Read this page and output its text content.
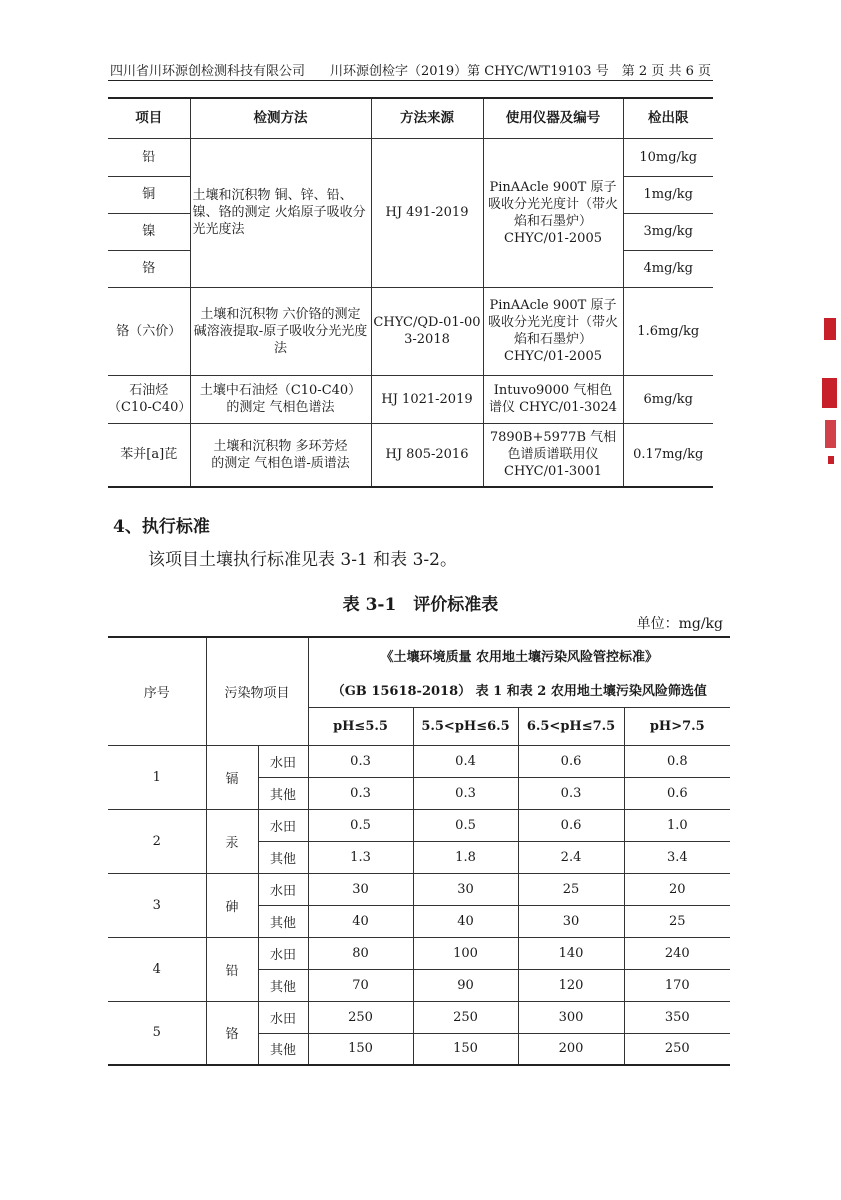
四川省川环源创检测科技有限公司 川环源创检字（2019）第 CHYC/WT19103 号 第 2 页 共 6 页
项目	检测方法	方法来源	使用仪器及编号	检出限
铅	土壤和沉积物 铜、锌、铅、镍、铬的测定 火焰原子吸收分光光度法	HJ 491-2019	PinAAcle 900T 原子吸收分光光度计（带火焰和石墨炉）CHYC/01-2005	10mg/kg
铜				1mg/kg
镍				3mg/kg
铬				4mg/kg
铬（六价）	土壤和沉积物 六价铬的测定 碱溶液提取-原子吸收分光光度法	CHYC/QD-01-003-2018	PinAAcle 900T 原子吸收分光光度计（带火焰和石墨炉）CHYC/01-2005	1.6mg/kg
石油烃（C10-C40）	土壤中石油烃（C10-C40）的测定 气相色谱法	HJ 1021-2019	Intuvo9000 气相色谱仪 CHYC/01-3024	6mg/kg
苯并[a]芘	土壤和沉积物 多环芳烃的测定 气相色谱-质谱法	HJ 805-2016	7890B+5977B 气相色谱质谱联用仪 CHYC/01-3001	0.17mg/kg
4、执行标准
该项目土壤执行标准见表 3-1 和表 3-2。
表 3-1　评价标准表
单位：mg/kg
序号	污染物项目		《土壤环境质量 农用地土壤污染风险管控标准》			
			（GB 15618-2018） 表 1 和表 2 农用地土壤污染风险筛选值			
			pH≤5.5	5.5<pH≤6.5	6.5<pH≤7.5	pH>7.5
1	镉	水田	0.3	0.4	0.6	0.8
		其他	0.3	0.3	0.3	0.6
2	汞	水田	0.5	0.5	0.6	1.0
		其他	1.3	1.8	2.4	3.4
3	砷	水田	30	30	25	20
		其他	40	40	30	25
4	铅	水田	80	100	140	240
		其他	70	90	120	170
5	铬	水田	250	250	300	350
		其他	150	150	200	250
